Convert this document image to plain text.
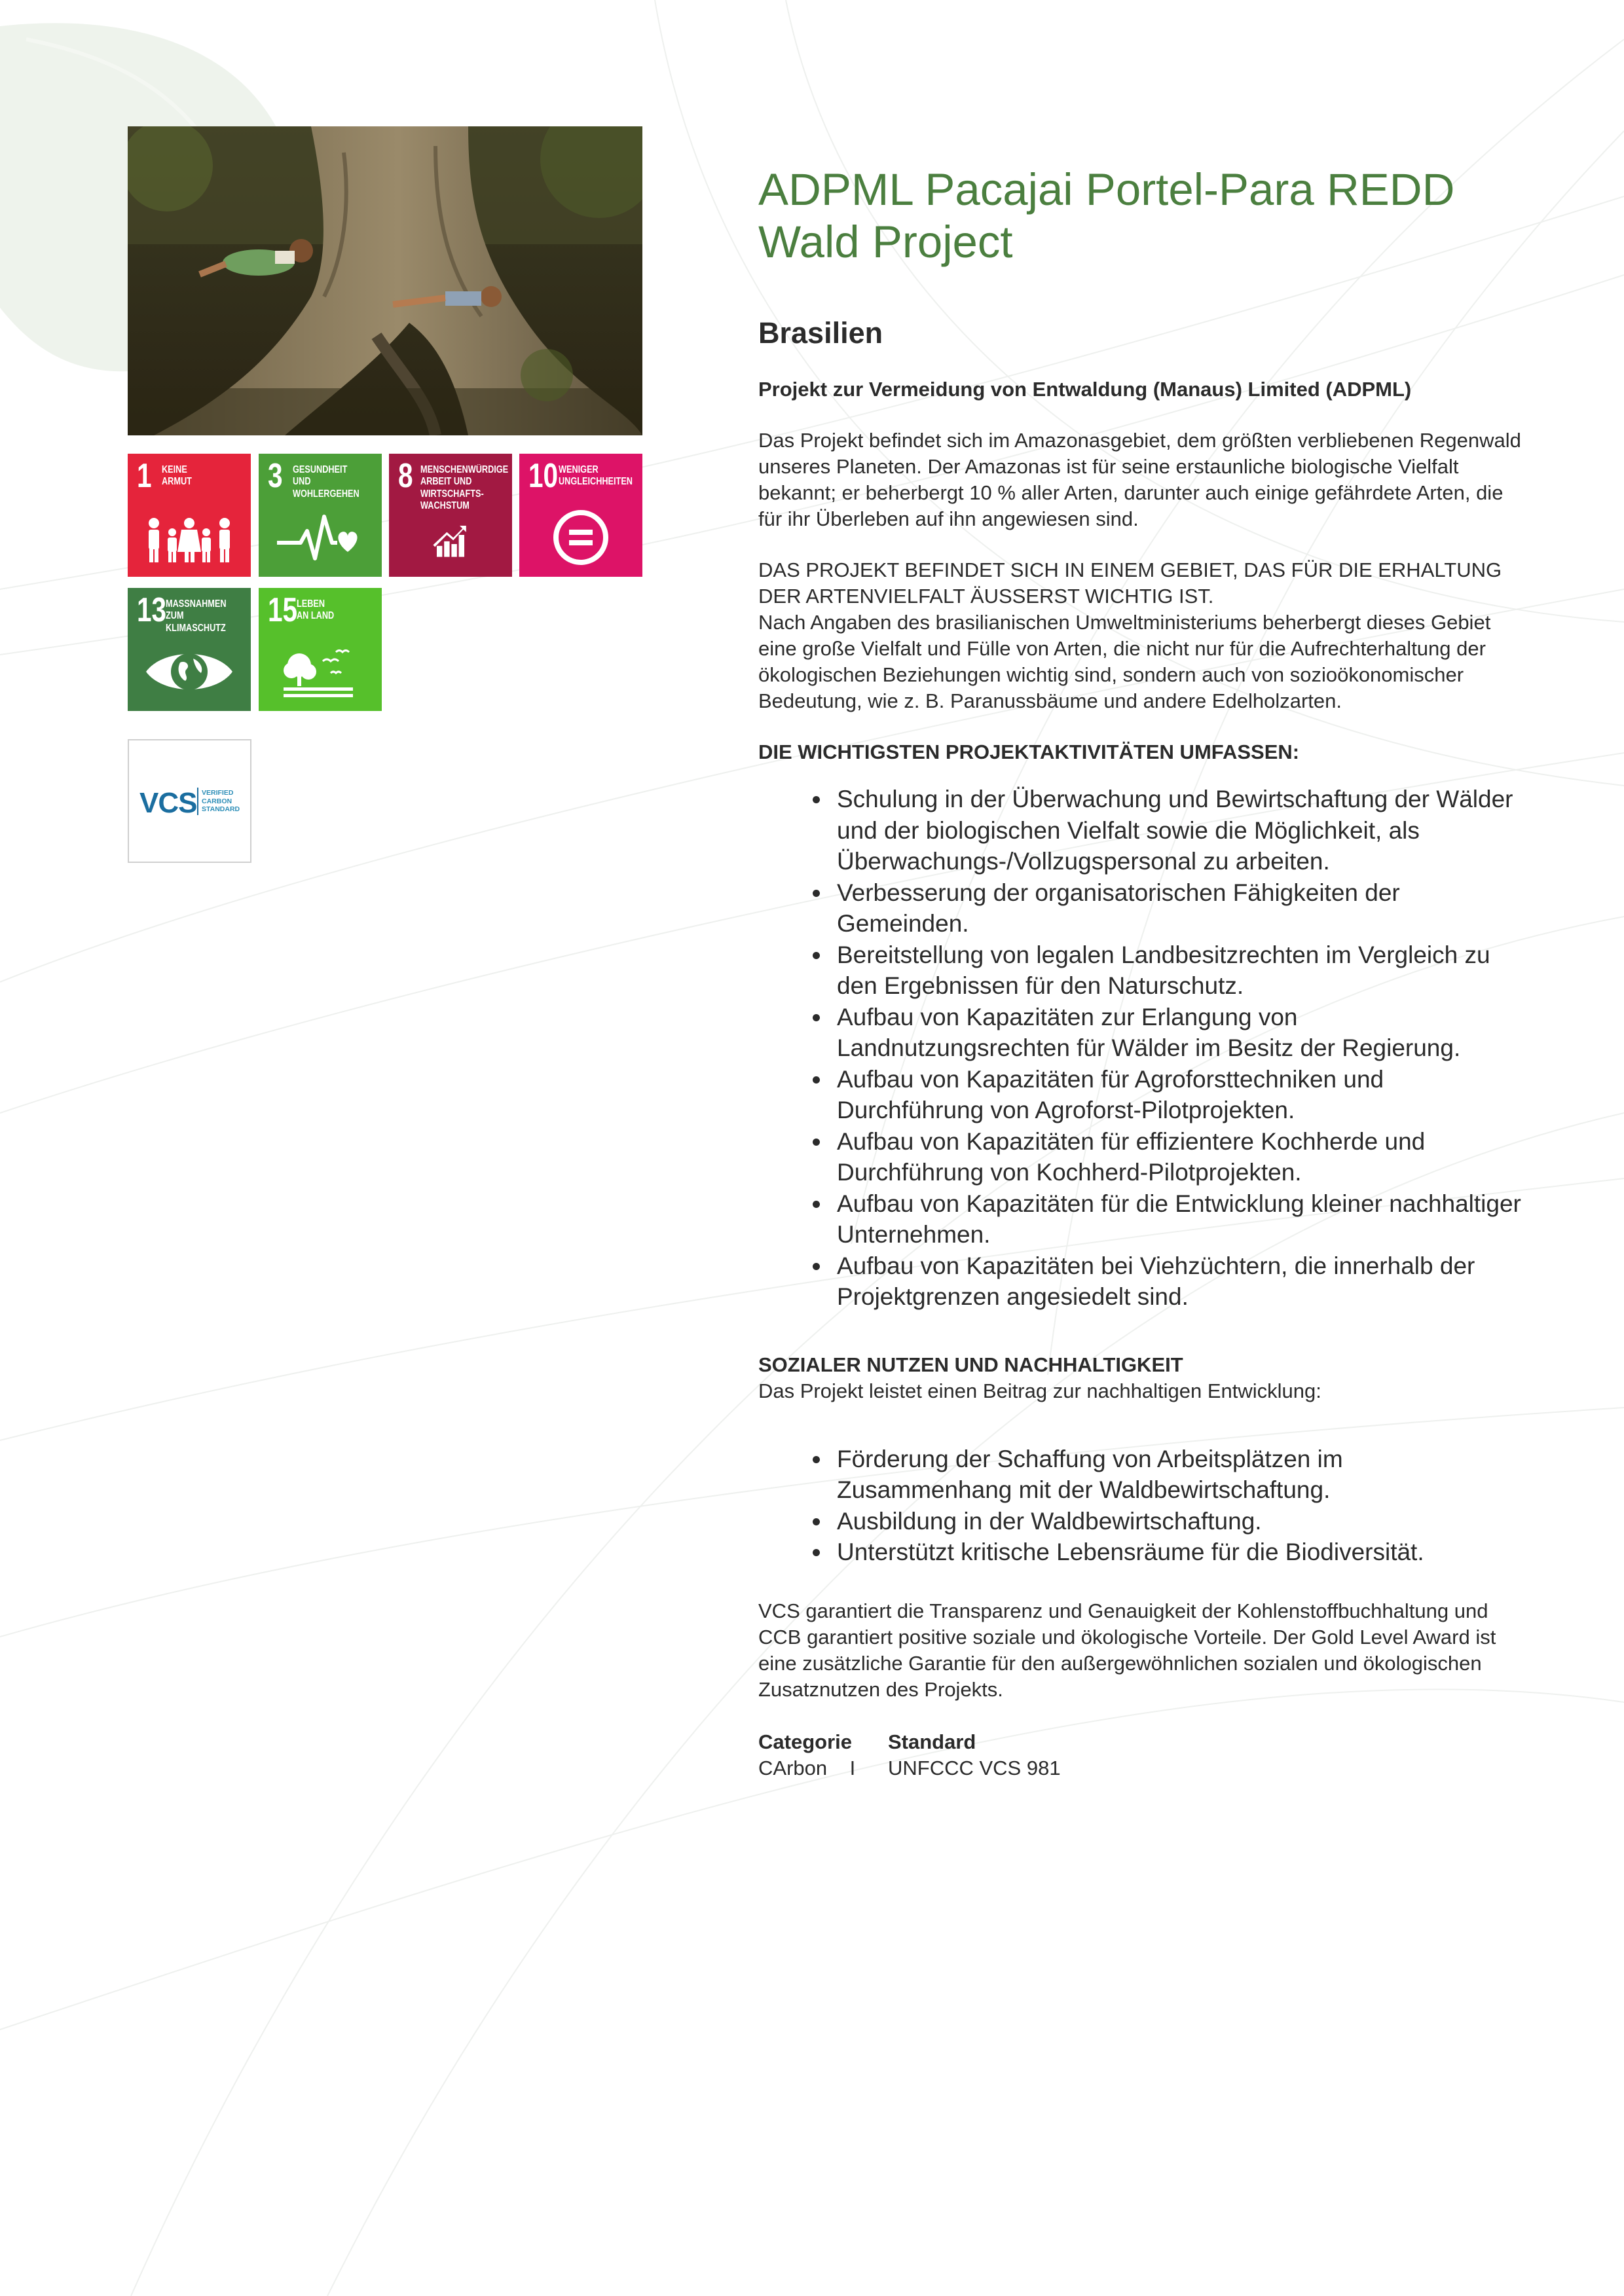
1 KEINE
ARMUT 3 GESUNDHEIT UND
WOHLERGEHEN 8 MENSCHENWÜRDIGE
ARBEIT UND
WIRTSCHAFTS-
WACHSTUM
10 WENIGER
UNGLEICHHEITEN
13
MASSNAHMEN ZUM
KLIMASCHUTZ 15
LEBEN
AN LAND
VCS VERIFIED
CARBON
STANDARD
ADPML Pacajai Portel-Para REDD Wald Project
Brasilien
Projekt zur Vermeidung von Entwaldung (Manaus) Limited (ADPML)

Das Projekt befindet sich im Amazonasgebiet, dem größten verbliebenen Regenwald unseres Planeten. Der Amazonas ist für seine erstaunliche biologische Vielfalt bekannt; er beherbergt 10 % aller Arten, darunter auch einige gefährdete Arten, die für ihr Überleben auf ihn angewiesen sind.

DAS PROJEKT BEFINDET SICH IN EINEM GEBIET, DAS FÜR DIE ERHALTUNG DER ARTENVIELFALT ÄUSSERST WICHTIG IST.

Nach Angaben des brasilianischen Umweltministeriums beherbergt dieses Gebiet eine große Vielfalt und Fülle von Arten, die nicht nur für die Aufrechterhaltung der ökologischen Beziehungen wichtig sind, sondern auch von sozioökonomischer Bedeutung, wie z. B. Paranussbäume und andere Edelholzarten.

DIE WICHTIGSTEN PROJEKTAKTIVITÄTEN UMFASSEN:

Schulung in der Überwachung und Bewirtschaftung der Wälder und der biologischen Vielfalt sowie die Möglichkeit, als Überwachungs-/Vollzugspersonal zu arbeiten.
Verbesserung der organisatorischen Fähigkeiten der Gemeinden.
Bereitstellung von legalen Landbesitzrechten im Vergleich zu den Ergebnissen für den Naturschutz.
Aufbau von Kapazitäten zur Erlangung von Landnutzungsrechten für Wälder im Besitz der Regierung.
Aufbau von Kapazitäten für Agroforsttechniken und Durchführung von Agroforst-Pilotprojekten.
Aufbau von Kapazitäten für effizientere Kochherde und Durchführung von Kochherd-Pilotprojekten.
Aufbau von Kapazitäten für die Entwicklung kleiner nachhaltiger Unternehmen.
Aufbau von Kapazitäten bei Viehzüchtern, die innerhalb der Projektgrenzen angesiedelt sind.

SOZIALER NUTZEN UND NACHHALTIGKEIT

Das Projekt leistet einen Beitrag zur nachhaltigen Entwicklung:

Förderung der Schaffung von Arbeitsplätzen im Zusammenhang mit der Waldbewirtschaftung.
Ausbildung in der Waldbewirtschaftung.
Unterstützt kritische Lebensräume für die Biodiversität.

VCS garantiert die Transparenz und Genauigkeit der Kohlenstoffbuchhaltung und CCB garantiert positive soziale und ökologische Vorteile. Der Gold Level Award ist eine zusätzliche Garantie für den außergewöhnlichen sozialen und ökologischen Zusatznutzen des Projekts.

Categorie	Standard
CArbon I	UNFCCC VCS 981
